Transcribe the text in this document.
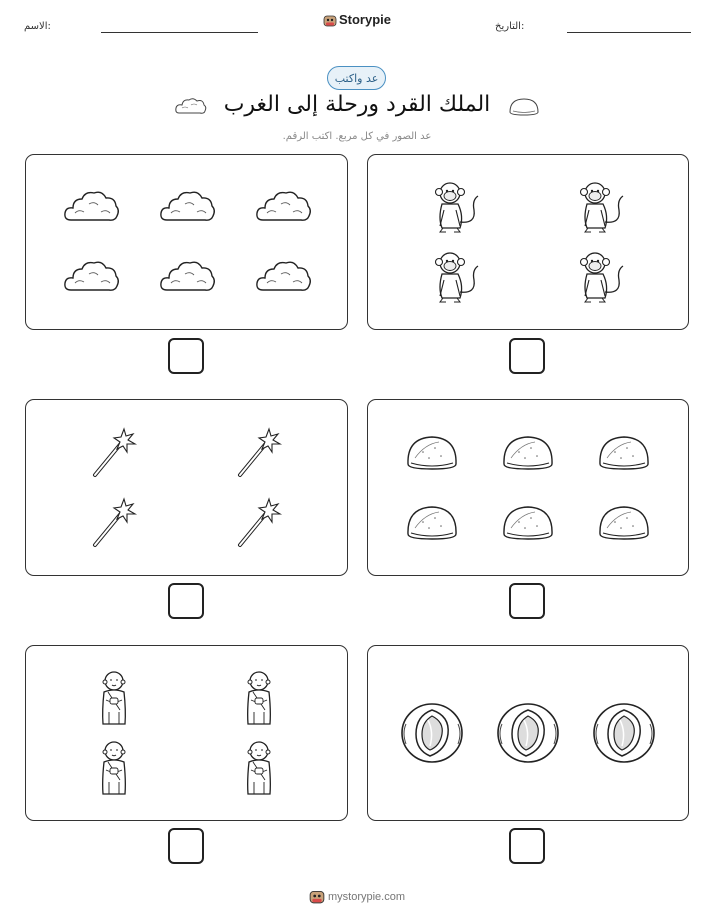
الاسم:	التاريخ:
Storypie
عد واكتب
الملك القرد ورحلة إلى الغرب
عد الصور في كل مربع. اكتب الرقم.
mystorypie.com
